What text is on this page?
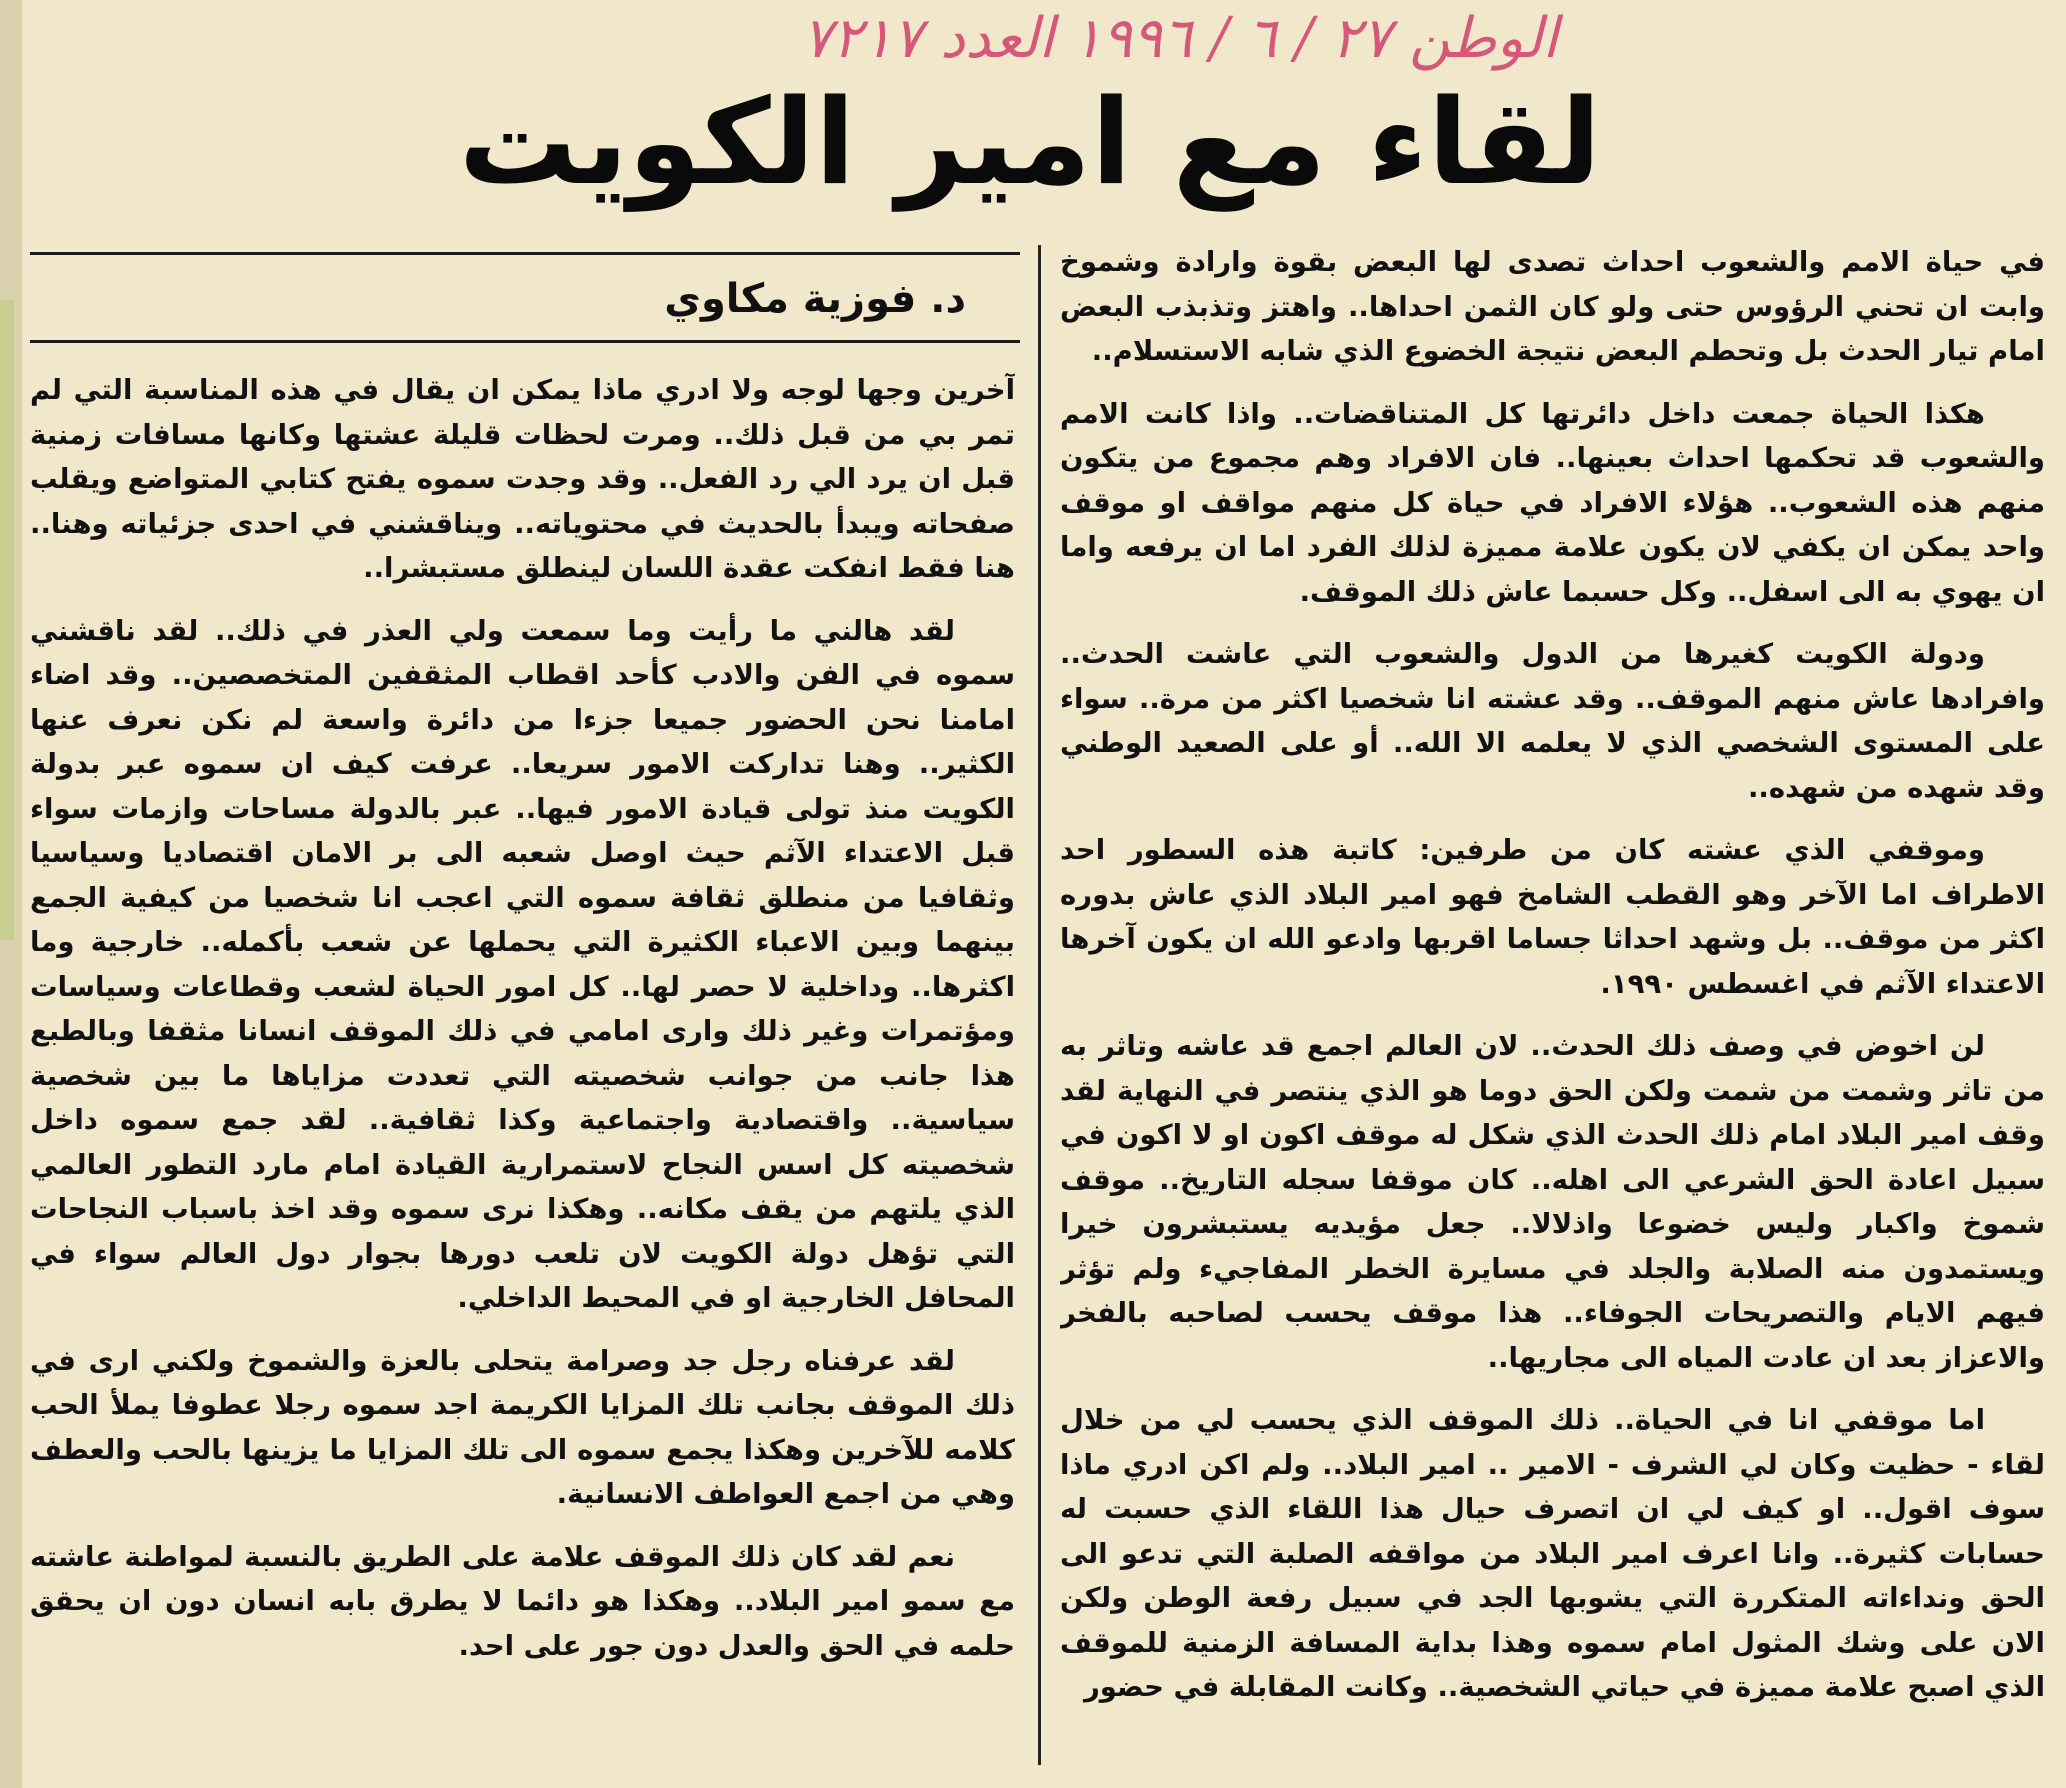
الوطن ٢٧ / ٦ / ١٩٩٦ العدد ٧٢١٧
لقاء مع امير الكويت
د. فوزية مكاوي

في حياة الامم والشعوب احداث تصدى لها البعض بقوة وارادة وشموخ وابت ان تحني الرؤوس حتى ولو كان الثمن احداها.. واهتز وتذبذب البعض امام تيار الحدث بل وتحطم البعض نتيجة الخضوع الذي شابه الاستسلام..

هكذا الحياة جمعت داخل دائرتها كل المتناقضات.. واذا كانت الامم والشعوب قد تحكمها احداث بعينها.. فان الافراد وهم مجموع من يتكون منهم هذه الشعوب.. هؤلاء الافراد في حياة كل منهم مواقف او موقف واحد يمكن ان يكفي لان يكون علامة مميزة لذلك الفرد اما ان يرفعه واما ان يهوي به الى اسفل.. وكل حسبما عاش ذلك الموقف.

ودولة الكويت كغيرها من الدول والشعوب التي عاشت الحدث.. وافرادها عاش منهم الموقف.. وقد عشته انا شخصيا اكثر من مرة.. سواء على المستوى الشخصي الذي لا يعلمه الا الله.. أو على الصعيد الوطني وقد شهده من شهده..

وموقفي الذي عشته كان من طرفين: كاتبة هذه السطور احد الاطراف اما الآخر وهو القطب الشامخ فهو امير البلاد الذي عاش بدوره اكثر من موقف.. بل وشهد احداثا جساما اقربها وادعو الله ان يكون آخرها الاعتداء الآثم في اغسطس ١٩٩٠.

لن اخوض في وصف ذلك الحدث.. لان العالم اجمع قد عاشه وتاثر به من تاثر وشمت من شمت ولكن الحق دوما هو الذي ينتصر في النهاية لقد وقف امير البلاد امام ذلك الحدث الذي شكل له موقف اكون او لا اكون في سبيل اعادة الحق الشرعي الى اهله.. كان موقفا سجله التاريخ.. موقف شموخ واكبار وليس خضوعا واذلالا.. جعل مؤيديه يستبشرون خيرا ويستمدون منه الصلابة والجلد في مسايرة الخطر المفاجيء ولم تؤثر فيهم الايام والتصريحات الجوفاء.. هذا موقف يحسب لصاحبه بالفخر والاعزاز بعد ان عادت المياه الى مجاريها..

اما موقفي انا في الحياة.. ذلك الموقف الذي يحسب لي من خلال لقاء - حظيت وكان لي الشرف - الامير .. امير البلاد.. ولم اكن ادري ماذا سوف اقول.. او كيف لي ان اتصرف حيال هذا اللقاء الذي حسبت له حسابات كثيرة.. وانا اعرف امير البلاد من مواقفه الصلبة التي تدعو الى الحق ونداءاته المتكررة التي يشوبها الجد في سبيل رفعة الوطن ولكن الان على وشك المثول امام سموه وهذا بداية المسافة الزمنية للموقف الذي اصبح علامة مميزة في حياتي الشخصية.. وكانت المقابلة في حضور

آخرين وجها لوجه ولا ادري ماذا يمكن ان يقال في هذه المناسبة التي لم تمر بي من قبل ذلك.. ومرت لحظات قليلة عشتها وكانها مسافات زمنية قبل ان يرد الي رد الفعل.. وقد وجدت سموه يفتح كتابي المتواضع ويقلب صفحاته ويبدأ بالحديث في محتوياته.. ويناقشني في احدى جزئياته وهنا.. هنا فقط انفكت عقدة اللسان لينطلق مستبشرا..

لقد هالني ما رأيت وما سمعت ولي العذر في ذلك.. لقد ناقشني سموه في الفن والادب كأحد اقطاب المثقفين المتخصصين.. وقد اضاء امامنا نحن الحضور جميعا جزءا من دائرة واسعة لم نكن نعرف عنها الكثير.. وهنا تداركت الامور سريعا.. عرفت كيف ان سموه عبر بدولة الكويت منذ تولى قيادة الامور فيها.. عبر بالدولة مساحات وازمات سواء قبل الاعتداء الآثم حيث اوصل شعبه الى بر الامان اقتصاديا وسياسيا وثقافيا من منطلق ثقافة سموه التي اعجب انا شخصيا من كيفية الجمع بينهما وبين الاعباء الكثيرة التي يحملها عن شعب بأكمله.. خارجية وما اكثرها.. وداخلية لا حصر لها.. كل امور الحياة لشعب وقطاعات وسياسات ومؤتمرات وغير ذلك وارى امامي في ذلك الموقف انسانا مثقفا وبالطبع هذا جانب من جوانب شخصيته التي تعددت مزاياها ما بين شخصية سياسية.. واقتصادية واجتماعية وكذا ثقافية.. لقد جمع سموه داخل شخصيته كل اسس النجاح لاستمرارية القيادة امام مارد التطور العالمي الذي يلتهم من يقف مكانه.. وهكذا نرى سموه وقد اخذ باسباب النجاحات التي تؤهل دولة الكويت لان تلعب دورها بجوار دول العالم سواء في المحافل الخارجية او في المحيط الداخلي.

لقد عرفناه رجل جد وصرامة يتحلى بالعزة والشموخ ولكني ارى في ذلك الموقف بجانب تلك المزايا الكريمة اجد سموه رجلا عطوفا يملأ الحب كلامه للآخرين وهكذا يجمع سموه الى تلك المزايا ما يزينها بالحب والعطف وهي من اجمع العواطف الانسانية.

نعم لقد كان ذلك الموقف علامة على الطريق بالنسبة لمواطنة عاشته مع سمو امير البلاد.. وهكذا هو دائما لا يطرق بابه انسان دون ان يحقق حلمه في الحق والعدل دون جور على احد.
